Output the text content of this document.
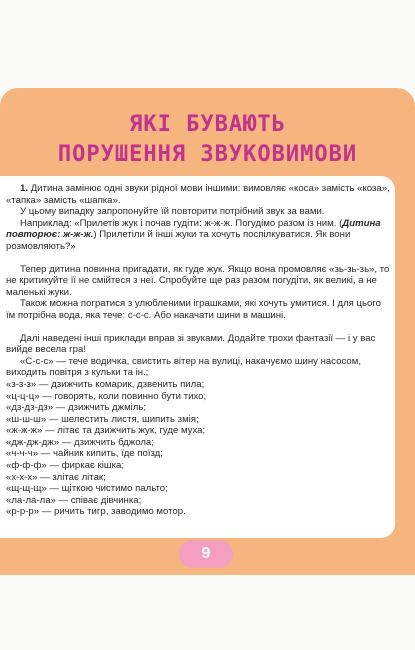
ЯКІ БУВАЮТЬ
ПОРУШЕННЯ ЗВУКОВИМОВИ

1. Дитина замінює одні звуки рідної мови іншими: вимовляє «коса» замість «коза»,
«тапка» замість «шапка».

У цьому випадку запропонуйте їй повторити потрібний звук за вами.

Наприклад: «Прилетів жук і почав гудіти: ж-ж-ж. Погудімо разом із ним. (Дитина повторює: ж-ж-ж.) Прилетіли й інші жуки та хочуть поспілкуватися. Як вони розмовляють?»

Тепер дитина повинна пригадати, як гуде жук. Якщо вона промовляє «зь-зь-зь», то не критикуйте її не смійтеся з неї. Спробуйте ще раз разом погудіти, як великі, а не маленькі жуки.

Також можна погратися з улюбленими іграшками, які хочуть умитися. І для цього їм потрібна вода, яка тече: с-с-с. Або накачати шини в машині.

Далі наведені інші приклади вправ зі звуками. Додайте трохи фантазії — і у вас вийде весела гра!

«С-с-с» — тече водичка, свистить вітер на вулиці, накачуємо шину насосом, виходить повітря з кульки та ін.;

«з-з-з» — дзижчить комарик, дзвенить пила;

«ц-ц-ц» — говорять, коли повинно бути тихо;

«дз-дз-дз» — дзижчить джміль;

«ш-ш-ш» — шелестить листя, шипить змія;

«ж-ж-ж» — літає та дзижчить жук, гуде муха;

«дж-дж-дж» — дзижчить бджола;

«ч-ч-ч» — чайник кипить, їде поїзд;

«ф-ф-ф» — фиркає кішка;

«х-х-х» — злітає літак;

«щ-щ-щ» — щіткою чистимо пальто;

«ла-ла-ла» — співає дівчинка;

«р-р-р» — ричить тигр, заводимо мотор.

9
